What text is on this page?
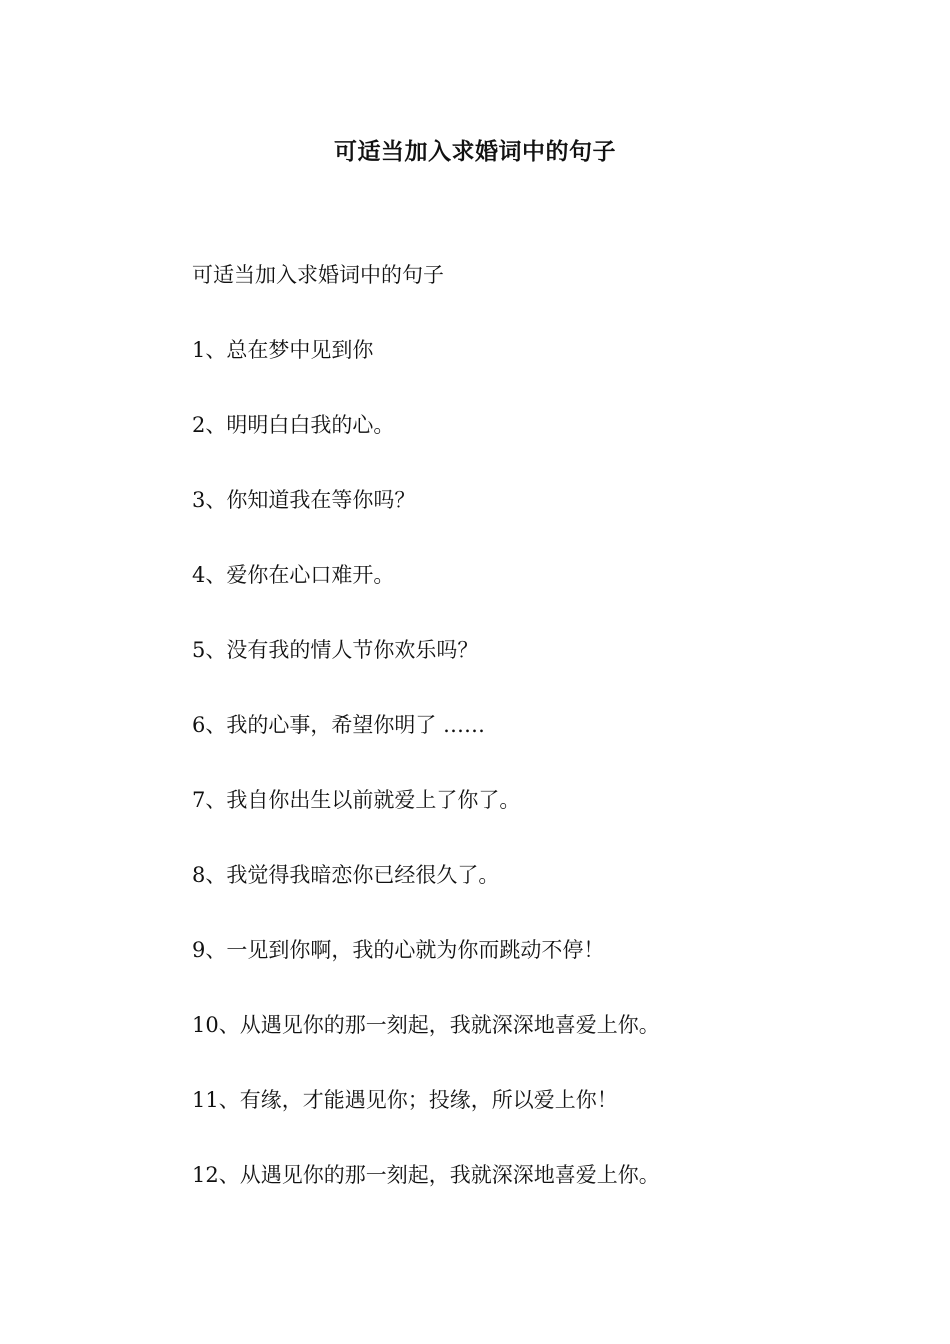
可适当加入求婚词中的句子

可适当加入求婚词中的句子

1、总在梦中见到你

2、明明白白我的心。

3、你知道我在等你吗？

4、爱你在心口难开。

5、没有我的情人节你欢乐吗？

6、我的心事，希望你明了 ……

7、我自你出生以前就爱上了你了。

8、我觉得我暗恋你已经很久了。

9、一见到你啊，我的心就为你而跳动不停！

10、从遇见你的那一刻起，我就深深地喜爱上你。

11、有缘，才能遇见你；投缘，所以爱上你！

12、从遇见你的那一刻起，我就深深地喜爱上你。
